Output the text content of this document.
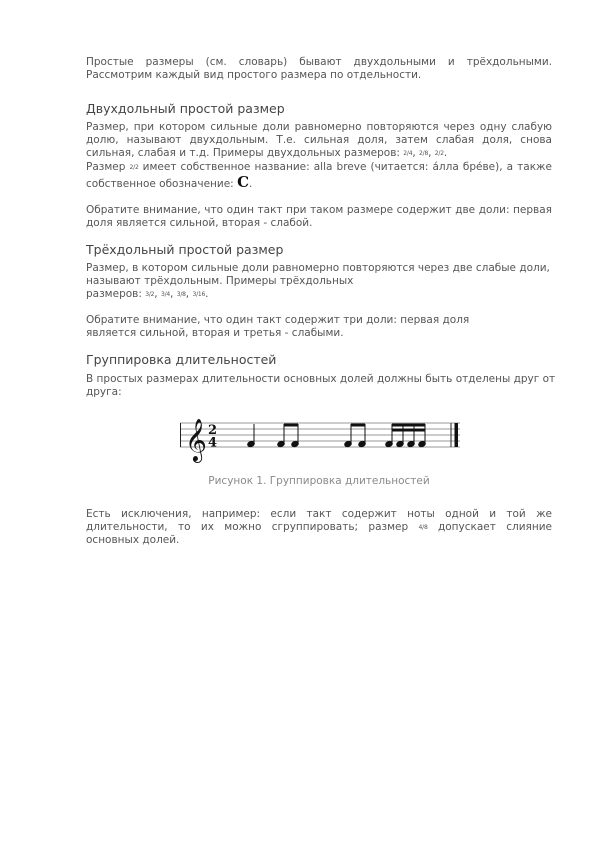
Простые размеры (см. словарь) бывают двухдольными и трёхдольными. Рассмотрим каждый вид простого размера по отдельности.

Двухдольный простой размер

Размер, при котором сильные доли равномерно повторяются через одну слабую долю, называют двухдольным. Т.е. сильная доля, затем слабая доля, снова сильная, слабая и т.д. Примеры двухдольных размеров: 2/4, 2/8, 2/2.

Размер 2/2 имеет собственное название: alla breve (читается: а́лла бре́ве), а также собственное обозначение: C.

Обратите внимание, что один такт при таком размере содержит две доли: первая доля является сильной, вторая - слабой.

Трёхдольный простой размер

Размер, в котором сильные доли равномерно повторяются через две слабые доли, называют трёхдольным. Примеры трёхдольных
размеров: 3/2, 3/4, 3/8, 3/16.

Обратите внимание, что один такт содержит три доли: первая доля является сильной, вторая и третья - слабыми.

Группировка длительностей

В простых размерах длительности основных долей должны быть отделены друг от друга:

𝄞 2
4

Рисунок 1. Группировка длительностей

Есть исключения, например: если такт содержит ноты одной и той же длительности, то их можно сгруппировать; размер 4/8 допускает слияние основных долей.
